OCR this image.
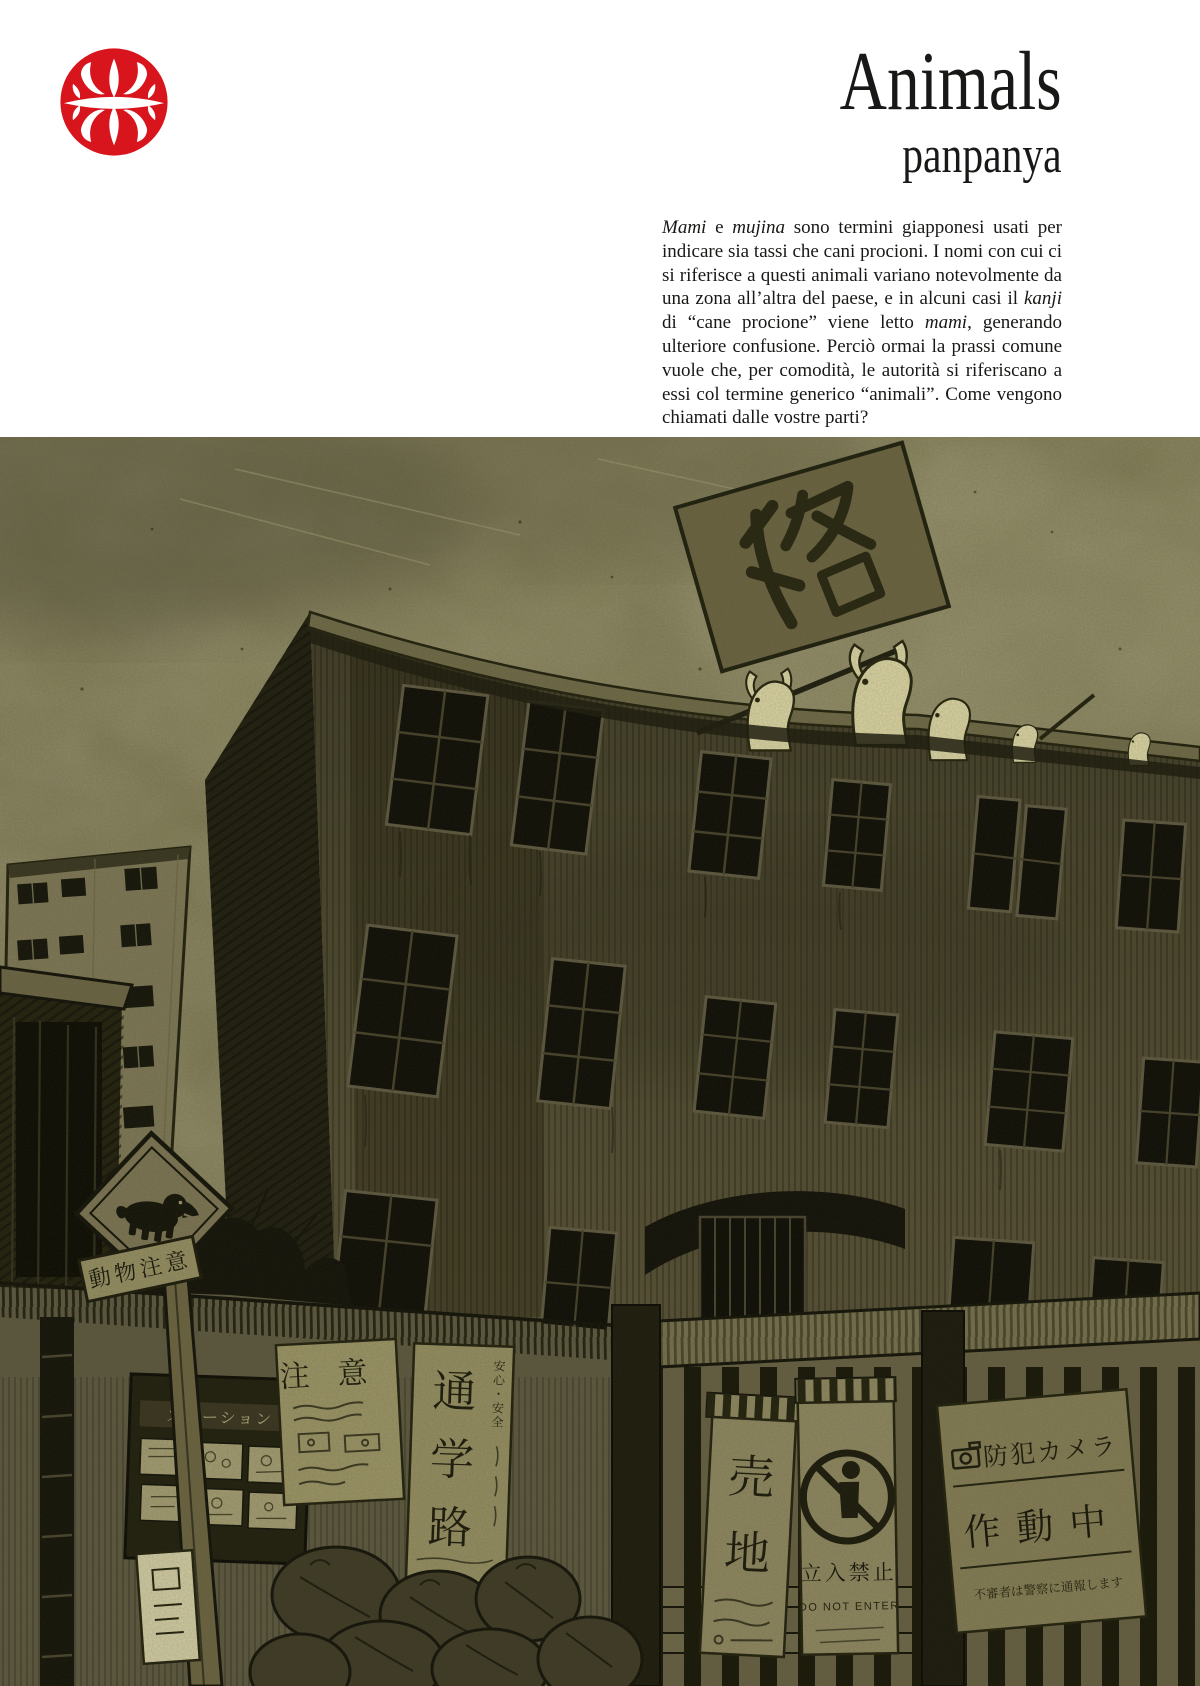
Animals
panpanya

Mami e mujina sono termini giapponesi usati per indicare sia tassi che cani procioni. I nomi con cui ci si riferisce a questi animali variano notevolmente da una zona all’altra del paese, e in alcuni casi il kanji di “cane procione” viene letto mami, generando ulteriore confusione. Perciò ormai la prassi comune vuole che, per comodità, le autorità si riferiscano a essi col termine generico “animali”. Come vengono chiamati dalle vostre parti?
